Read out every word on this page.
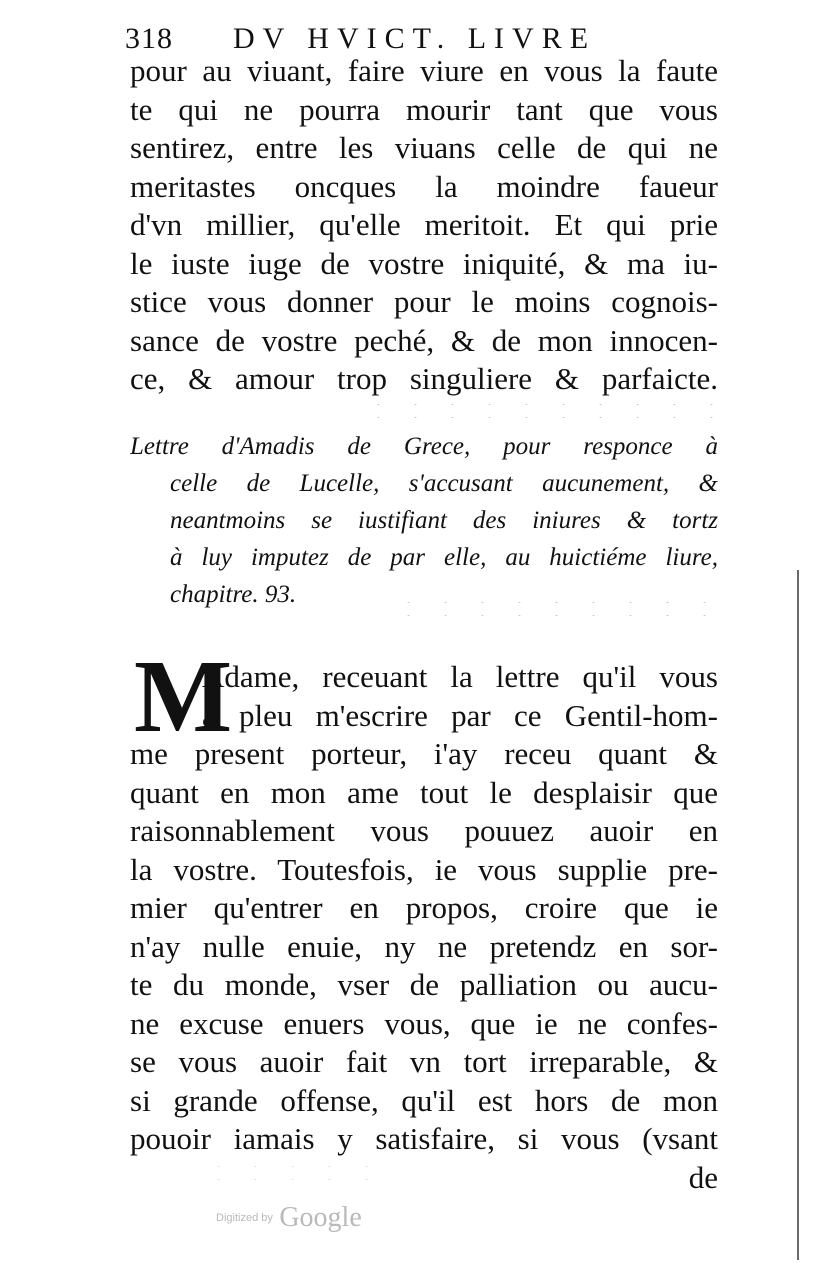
318 DV HVICT. LIVRE
pour au viuant, faire viure en vous la faute
te qui ne pourra mourir tant que vous
sentirez, entre les viuans celle de qui ne
meritastes oncques la moindre faueur
d'vn millier, qu'elle meritoit. Et qui prie
le iuste iuge de vostre iniquité, & ma iu-
stice vous donner pour le moins cognois-
sance de vostre peché, & de mon innocen-
ce, & amour trop singuliere & parfaicte.
Lettre d'Amadis de Grece, pour responce à
celle de Lucelle, s'accusant aucunement, &
neantmoins se iustifiant des iniures & tortz
à luy imputez de par elle, au huictiéme liure,
chapitre. 93.
M
Adame, receuant la lettre qu'il vous
a pleu m'escrire par ce Gentil-hom-
me present porteur, i'ay receu quant &
quant en mon ame tout le desplaisir que
raisonnablement vous pouuez auoir en
la vostre. Toutesfois, ie vous supplie pre-
mier qu'entrer en propos, croire que ie
n'ay nulle enuie, ny ne pretendz en sor-
te du monde, vser de palliation ou aucu-
ne excuse enuers vous, que ie ne confes-
se vous auoir fait vn tort irreparable, &
si grande offense, qu'il est hors de mon
pouoir iamais y satisfaire, si vous (vsant
de
Digitized by Google
